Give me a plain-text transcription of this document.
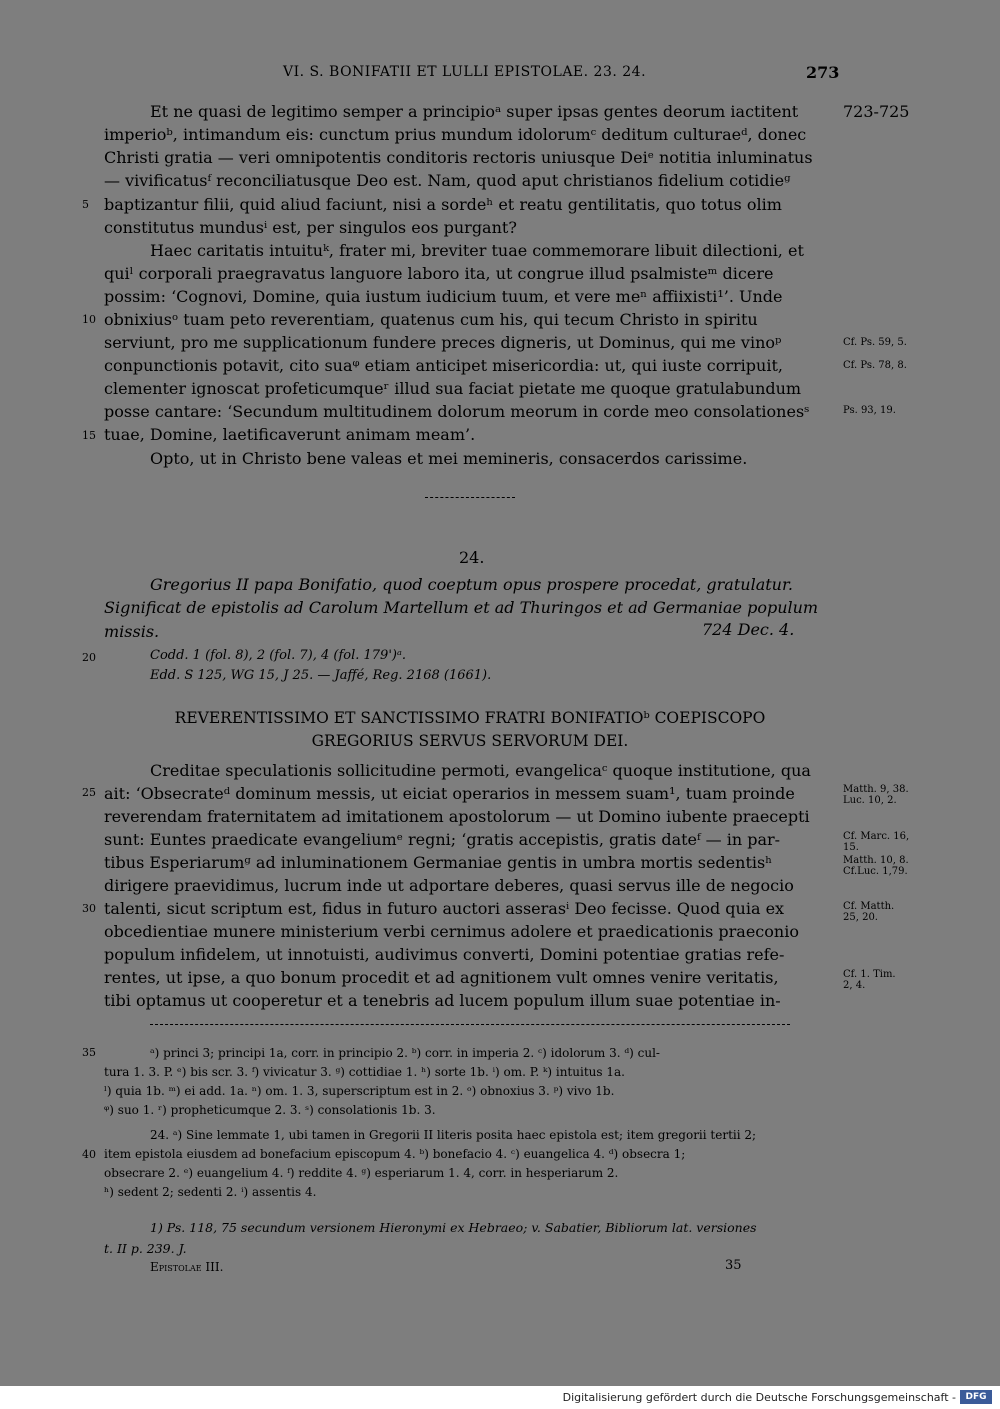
VI. S. BONIFATII ET LULLI EPISTOLAE. 23. 24.	273
723-725
Et ne quasi de legitimo semper a principioᵃ super ipsas gentes deorum iactitent
imperioᵇ, intimandum eis: cunctum prius mundum idolorumᶜ deditum culturaeᵈ, donec
Christi gratia — veri omnipotentis conditoris rectoris uniusque Deiᵉ notitia inluminatus
— vivificatusᶠ reconciliatusque Deo est. Nam, quod aput christianos fidelium cotidieᵍ
baptizantur filii, quid aliud faciunt, nisi a sordeʰ et reatu gentilitatis, quo totus olim
constitutus mundusⁱ est, per singulos eos purgant?
Haec caritatis intuituᵏ, frater mi, breviter tuae commemorare libuit dilectioni, et
quiˡ corporali praegravatus languore laboro ita, ut congrue illud psalmisteᵐ dicere
possim: ‘Cognovi, Domine, quia iustum iudicium tuum, et vere meⁿ affiixisti¹’. Unde
obnixiusᵒ tuam peto reverentiam, quatenus cum his, qui tecum Christo in spiritu
serviunt, pro me supplicationum fundere preces digneris, ut Dominus, qui me vinoᵖ
conpunctionis potavit, cito suaᵠ etiam anticipet misericordia: ut, qui iuste corripuit,
clementer ignoscat profeticumqueʳ illud sua faciat pietate me quoque gratulabundum
posse cantare: ‘Secundum multitudinem dolorum meorum in corde meo consolationesˢ
tuae, Domine, laetificaverunt animam meam’.
Opto, ut in Christo bene valeas et mei memineris, consacerdos carissime.
5
10
15
Cf. Ps. 59, 5.
Cf. Ps. 78, 8.
Ps. 93, 19.
24.
Gregorius II papa Bonifatio, quod coeptum opus prospere procedat, gratulatur.
Significat de epistolis ad Carolum Martellum et ad Thuringos et ad Germaniae populum
missis.	724 Dec. 4.
20	Codd. 1 (fol. 8), 2 (fol. 7), 4 (fol. 179')ᵃ.
Edd. S 125, WG 15, J 25. — Jaffé, Reg. 2168 (1661).
REVERENTISSIMO ET SANCTISSIMO FRATRI BONIFATIOᵇ COEPISCOPO
GREGORIUS SERVUS SERVORUM DEI.
Creditae speculationis sollicitudine permoti, evangelicaᶜ quoque institutione, qua
ait: ‘Obsecrateᵈ dominum messis, ut eiciat operarios in messem suam¹, tuam proinde
reverendam fraternitatem ad imitationem apostolorum — ut Domino iubente praecepti
sunt: Euntes praedicate evangeliumᵉ regni; ‘gratis accepistis, gratis dateᶠ — in par-
tibus Esperiarumᵍ ad inluminationem Germaniae gentis in umbra mortis sedentisʰ
dirigere praevidimus, lucrum inde ut adportare deberes, quasi servus ille de negocio
talenti, sicut scriptum est, fidus in futuro auctori asserasⁱ Deo fecisse. Quod quia ex
obcedientiae munere ministerium verbi cernimus adolere et praedicationis praeconio
populum infidelem, ut innotuisti, audivimus converti, Domini potentiae gratias refe-
rentes, ut ipse, a quo bonum procedit et ad agnitionem vult omnes venire veritatis,
tibi optamus ut cooperetur et a tenebris ad lucem populum illum suae potentiae in-
25
30
Matth. 9, 38.
Luc. 10, 2.
Cf. Marc. 16,
15.
Matth. 10, 8.
Cf.Luc. 1,79.
Cf. Matth.
25, 20.
Cf. 1. Tim.
2, 4.
35	ᵃ) princi 3; principi 1a, corr. in principio 2. ᵇ) corr. in imperia 2. ᶜ) idolorum 3. ᵈ) cul-
tura 1. 3. P. ᵉ) bis scr. 3. ᶠ) vivicatur 3. ᵍ) cottidiae 1. ʰ) sorte 1b. ⁱ) om. P. ᵏ) intuitus 1a.
ˡ) quia 1b. ᵐ) ei add. 1a. ⁿ) om. 1. 3, superscriptum est in 2. ᵒ) obnoxius 3. ᵖ) vivo 1b.
ᵠ) suo 1. ʳ) propheticumque 2. 3. ˢ) consolationis 1b. 3.
40
24. ᵃ) Sine lemmate 1, ubi tamen in Gregorii II literis posita haec epistola est; item gregorii tertii 2;
item epistola eiusdem ad bonefacium episcopum 4. ᵇ) bonefacio 4. ᶜ) euangelica 4. ᵈ) obsecra 1;
obsecrare 2. ᵉ) euangelium 4. ᶠ) reddite 4. ᵍ) esperiarum 1. 4, corr. in hesperiarum 2.
ʰ) sedent 2; sedenti 2. ⁱ) assentis 4.
1) Ps. 118, 75 secundum versionem Hieronymi ex Hebraeo; v. Sabatier, Bibliorum lat. versiones
t. II p. 239. J.
Epistolae III.	35
Digitalisierung gefördert durch die Deutsche Forschungsgemeinschaft -	DFG
